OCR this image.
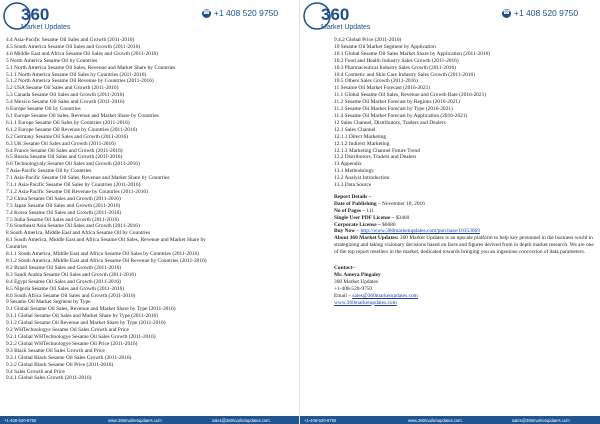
360
Market Updates
☎ +1 408 520 9750
4.4 Asia-Pacific Sesame Oil Sales and Growth (2011-2016)
4.5 South America Sesame Oil Sales and Growth (2011-2016)
4.6 Middle East and Africa Sesame Oil Sales and Growth (2011-2016)
5 North America Sesame Oil by Countries
5.1 North America Sesame Oil Sales, Revenue and Market Share by Countries
5.1.1 North America Sesame Oil Sales by Countries (2011-2016)
5.1.2 North America Sesame Oil Revenue by Countries (2011-2016)
5.2 USA Sesame Oil Sales and Growth (2011-2016)
5.3 Canada Sesame Oil Sales and Growth (2011-2016)
5.4 Mexico Sesame Oil Sales and Growth (2011-2016)
6 Europe Sesame Oil by Countries
6.1 Europe Sesame Oil Sales, Revenue and Market Share by Countries
6.1.1 Europe Sesame Oil Sales by Countries (2011-2016)
6.1.2 Europe Sesame Oil Revenue by Countries (2011-2016)
6.2 Germany Sesame Oil Sales and Growth (2011-2016)
6.3 UK Sesame Oil Sales and Growth (2011-2016)
6.4 France Sesame Oil Sales and Growth (2011-2016)
6.5 Russia Sesame Oil Sales and Growth (2011-2016)
6.6 Technologyaly Sesame Oil Sales and Growth (2011-2016)
7 Asia-Pacific Sesame Oil by Countries
7.1 Asia-Pacific Sesame Oil Sales, Revenue and Market Share by Countries
7.1.1 Asia-Pacific Sesame Oil Sales by Countries (2011-2016)
7.1.2 Asia-Pacific Sesame Oil Revenue by Countries (2011-2016)
7.2 China Sesame Oil Sales and Growth (2011-2016)
7.3 Japan Sesame Oil Sales and Growth (2011-2016)
7.4 Korea Sesame Oil Sales and Growth (2011-2016)
7.5 India Sesame Oil Sales and Growth (2011-2016)
7.6 Southeast Asia Sesame Oil Sales and Growth (2011-2016)
8 South America, Middle East and Africa Sesame Oil by Countries
8.1 South America, Middle East and Africa Sesame Oil Sales, Revenue and Market Share by
Countries
8.1.1 South America, Middle East and Africa Sesame Oil Sales by Countries (2011-2016)
8.1.2 South America, Middle East and Africa Sesame Oil Revenue by Countries (2011-2016)
8.2 Brazil Sesame Oil Sales and Growth (2011-2016)
8.3 Saudi Arabia Sesame Oil Sales and Growth (2011-2016)
8.4 Egypt Sesame Oil Sales and Growth (2011-2016)
8.5 Nigeria Sesame Oil Sales and Growth (2011-2016)
8.6 South Africa Sesame Oil Sales and Growth (2011-2016)
9 Sesame Oil Market Segment by Type
9.1 Global Sesame Oil Sales, Revenue and Market Share by Type (2011-2016)
9.1.1 Global Sesame Oil Sales and Market Share by Type (2011-2016)
9.1.2 Global Sesame Oil Revenue and Market Share by Type (2011-2016)
9.2 WHTechnologye Sesame Oil Sales Growth and Price
9.2.1 Global WHTechnologye Sesame Oil Sales Growth (2011-2016)
9.2.2 Global WHTechnologye Sesame Oil Price (2011-2016)
9.3 Black Sesame Oil Sales Growth and Price
9.3.1 Global Black Sesame Oil Sales Growth (2011-2016)
9.3.2 Global Black Sesame Oil Price (2011-2016)
9.4 Sales Growth and Price
9.4.1 Global Sales Growth (2011-2016)
+1-408-520-9750	www.360marketupdates.com	sales@360marketupdates.com
360
Market Updates
☎ +1 408 520 9750
9.4.2 Global Price (2011-2016)
10 Sesame Oil Market Segment by Application
10.1 Global Sesame Oil Sales Market Share by Application (2011-2016)
10.2 Food and Health Industry Sales Growth (2011-2016)
10.3 Pharmaceutical Industry Sales Growth (2011-2016)
10.4 Cosmetic and Skin Care Industry Sales Growth (2011-2016)
10.5 Others Sales Growth (2011-2016)
11 Sesame Oil Market Forecast (2016-2021)
11.1 Global Sesame Oil Sales, Revenue and Growth Rate (2016-2021)
11.2 Sesame Oil Market Forecast by Regions (2016-2021)
11.3 Sesame Oil Market Forecast by Type (2016-2021)
11.4 Sesame Oil Market Forecast by Application (2016-2021)
12 Sales Channel, Distributors, Traders and Dealers
12.1 Sales Channel
12.1.1 Direct Marketing
12.1.2 Indirect Marketing
12.1.3 Marketing Channel Future Trend
12.2 Distributors, Traders and Dealers
13 Appendix
13.1 Methodology
13.2 Analyst Introduction
13.3 Data Source
Report Details –
Date of Publishing – November 10, 2016
No of Pages – 111
Single User PDF License – $3460
Corporate License – $6680
Buy Now – http://www.360marketupdates.com/purchase/10353669
About 360 Market Updates: 360 Market Updates is an upscale platform to help key personnel in the business world in strategizing and taking visionary decisions based on facts and figures derived from in depth market research. We are one of the top report resellers in the market, dedicated towards bringing you an ingenious concoction of data parameters.
Contact–
Mr. Ameya Pingaley
360 Market Updates
+1-408-520-9750
Email – sales@360marketupdates.com
www.360marketupdates.com
+1-408-520-9750	www.360marketupdates.com	sales@360marketupdates.com
